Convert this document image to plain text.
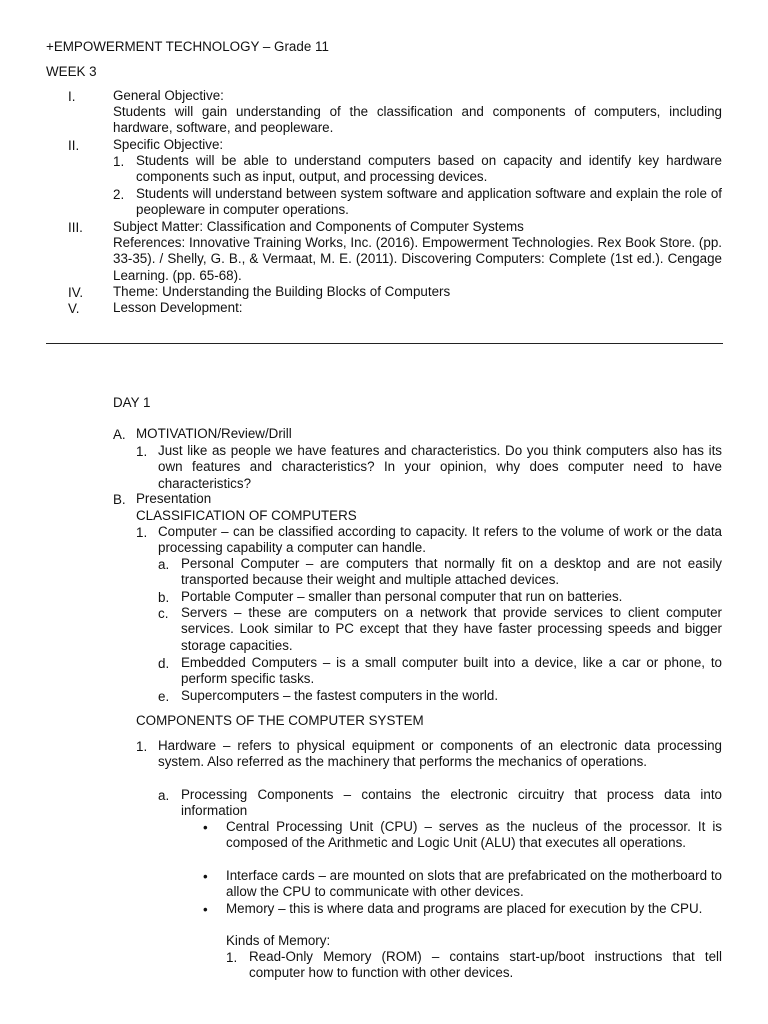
+EMPOWERMENT TECHNOLOGY – Grade 11
WEEK 3
I.	General Objective:
Students will gain understanding of the classification and components of computers, including hardware, software, and peopleware.
II.	Specific Objective:
1. Students will be able to understand computers based on capacity and identify key hardware components such as input, output, and processing devices.
2. Students will understand between system software and application software and explain the role of peopleware in computer operations.
III. Subject Matter: Classification and Components of Computer Systems
References: Innovative Training Works, Inc. (2016). Empowerment Technologies. Rex Book Store. (pp. 33-35). / Shelly, G. B., & Vermaat, M. E. (2011). Discovering Computers: Complete (1st ed.). Cengage Learning. (pp. 65-68).
IV. Theme: Understanding the Building Blocks of Computers
V.	Lesson Development:
DAY 1
A. MOTIVATION/Review/Drill
1. Just like as people we have features and characteristics. Do you think computers also has its own features and characteristics? In your opinion, why does computer need to have characteristics?
B. Presentation
CLASSIFICATION OF COMPUTERS
1. Computer – can be classified according to capacity. It refers to the volume of work or the data processing capability a computer can handle.
a. Personal Computer – are computers that normally fit on a desktop and are not easily transported because their weight and multiple attached devices.
b. Portable Computer – smaller than personal computer that run on batteries.
c. Servers – these are computers on a network that provide services to client computer services. Look similar to PC except that they have faster processing speeds and bigger storage capacities.
d. Embedded Computers – is a small computer built into a device, like a car or phone, to perform specific tasks.
e. Supercomputers – the fastest computers in the world.
COMPONENTS OF THE COMPUTER SYSTEM
1. Hardware – refers to physical equipment or components of an electronic data processing system. Also referred as the machinery that performs the mechanics of operations.
a. Processing Components – contains the electronic circuitry that process data into information
• Central Processing Unit (CPU) – serves as the nucleus of the processor. It is composed of the Arithmetic and Logic Unit (ALU) that executes all operations.
• Interface cards – are mounted on slots that are prefabricated on the motherboard to allow the CPU to communicate with other devices.
• Memory – this is where data and programs are placed for execution by the CPU.
Kinds of Memory:
1. Read-Only Memory (ROM) – contains start-up/boot instructions that tell computer how to function with other devices.
